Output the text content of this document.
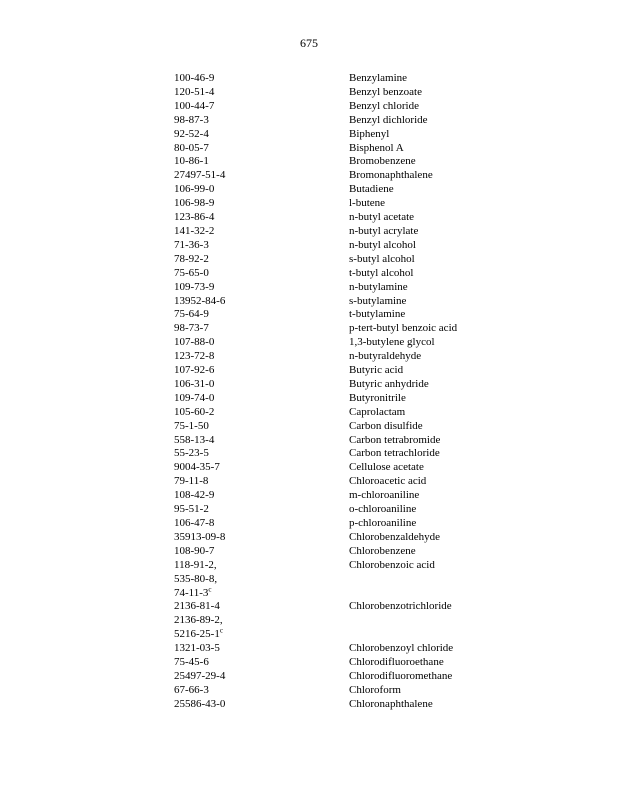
675
100-46-9	Benzylamine
120-51-4	Benzyl benzoate
100-44-7	Benzyl chloride
98-87-3	Benzyl dichloride
92-52-4	Biphenyl
80-05-7	Bisphenol A
10-86-1	Bromobenzene
27497-51-4	Bromonaphthalene
106-99-0	Butadiene
106-98-9	l-butene
123-86-4	n-butyl acetate
141-32-2	n-butyl acrylate
71-36-3	n-butyl alcohol
78-92-2	s-butyl alcohol
75-65-0	t-butyl alcohol
109-73-9	n-butylamine
13952-84-6	s-butylamine
75-64-9	t-butylamine
98-73-7	p-tert-butyl benzoic acid
107-88-0	1,3-butylene glycol
123-72-8	n-butyraldehyde
107-92-6	Butyric acid
106-31-0	Butyric anhydride
109-74-0	Butyronitrile
105-60-2	Caprolactam
75-1-50	Carbon disulfide
558-13-4	Carbon tetrabromide
55-23-5	Carbon tetrachloride
9004-35-7	Cellulose acetate
79-11-8	Chloroacetic acid
108-42-9	m-chloroaniline
95-51-2	o-chloroaniline
106-47-8	p-chloroaniline
35913-09-8	Chlorobenzaldehyde
108-90-7	Chlorobenzene
118-91-2,	Chlorobenzoic acid
535-80-8,	
74-11-3$^c$	
2136-81-4	Chlorobenzotrichloride
2136-89-2,	
5216-25-1$^c$	
1321-03-5	Chlorobenzoyl chloride
75-45-6	Chlorodifluoroethane
25497-29-4	Chlorodifluoromethane
67-66-3	Chloroform
25586-43-0	Chloronaphthalene
